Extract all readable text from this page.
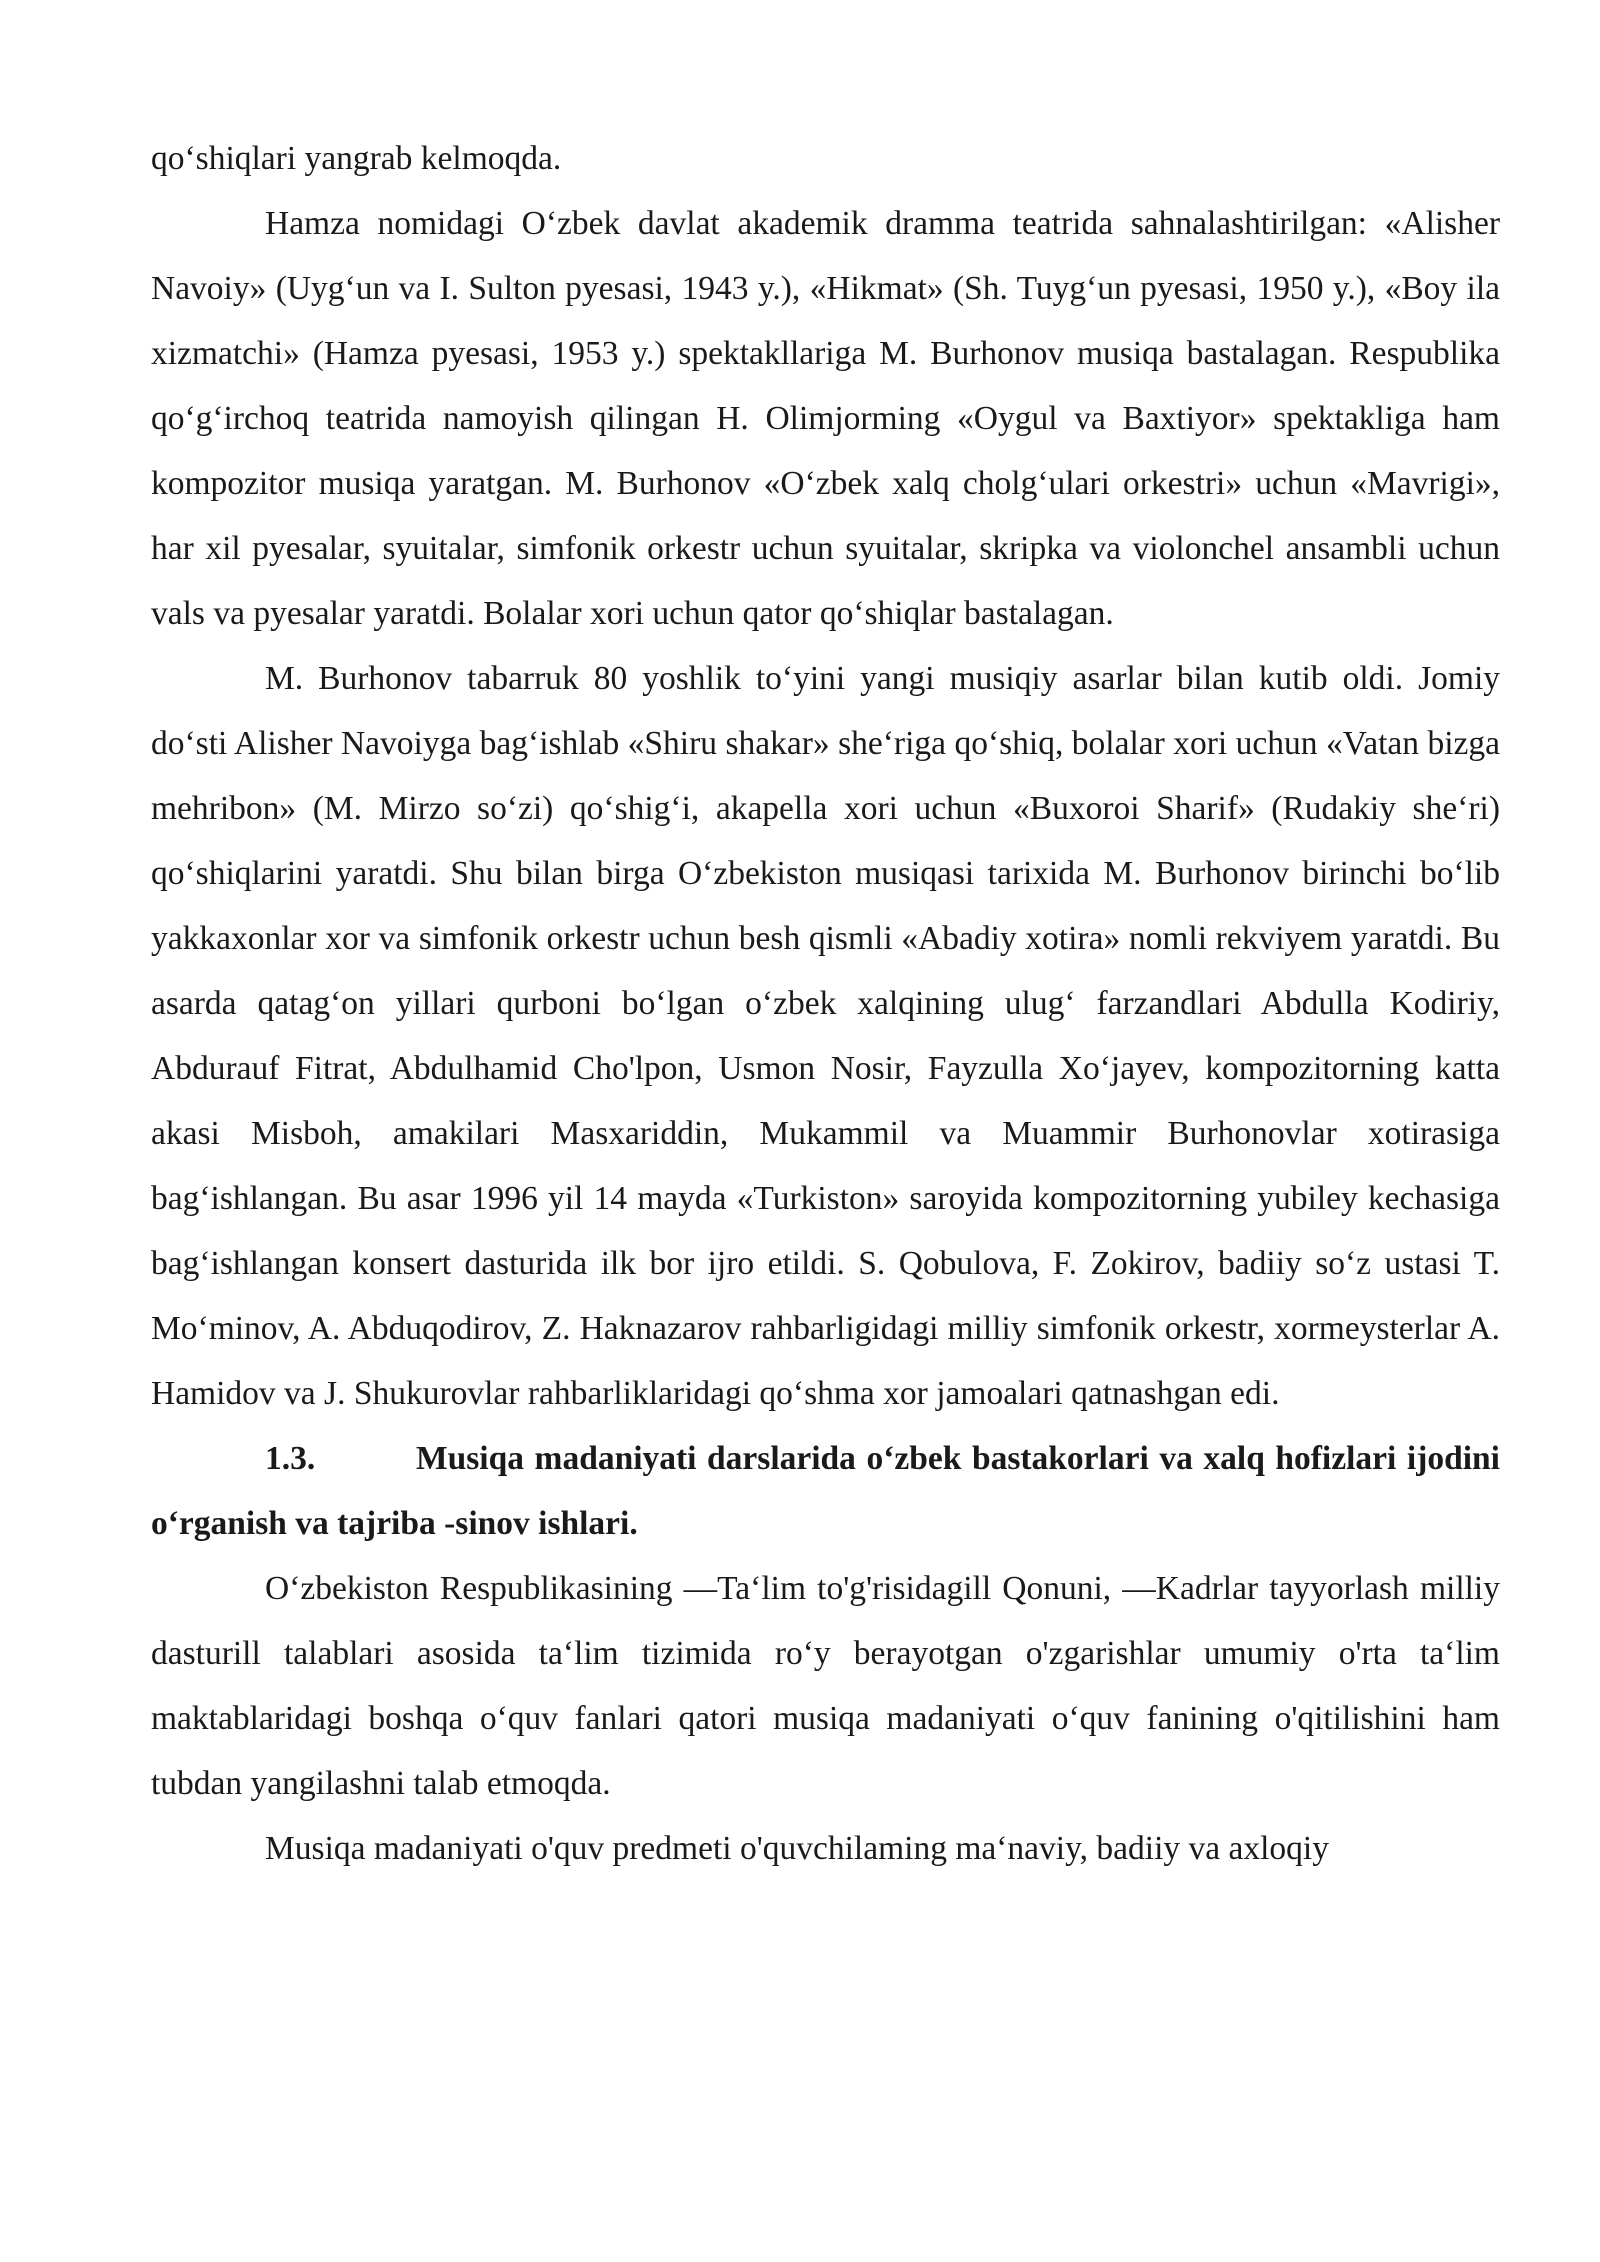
qo‘shiqlari yangrab kelmoqda.

Hamza nomidagi O‘zbek davlat akademik dramma teatrida sahnalashtirilgan: «Alisher Navoiy» (Uyg‘un va I. Sulton pyesasi, 1943 y.), «Hikmat» (Sh. Tuyg‘un pyesasi, 1950 y.), «Boy ila xizmatchi» (Hamza pyesasi, 1953 y.) spektakllariga M. Burhonov musiqa bastalagan. Respublika qo‘g‘irchoq teatrida namoyish qilingan H. Olimjorming «Oygul va Baxtiyor» spektakliga ham kompozitor musiqa yaratgan. M. Burhonov «O‘zbek xalq cholg‘ulari orkestri» uchun «Mavrigi», har xil pyesalar, syuitalar, simfonik orkestr uchun syuitalar, skripka va violonchel ansambli uchun vals va pyesalar yaratdi. Bolalar xori uchun qator qo‘shiqlar bastalagan.

M. Burhonov tabarruk 80 yoshlik to‘yini yangi musiqiy asarlar bilan kutib oldi. Jomiy do‘sti Alisher Navoiyga bag‘ishlab «Shiru shakar» she‘riga qo‘shiq, bolalar xori uchun «Vatan bizga mehribon» (M. Mirzo so‘zi) qo‘shig‘i, akapella xori uchun «Buxoroi Sharif» (Rudakiy she‘ri) qo‘shiqlarini yaratdi. Shu bilan birga O‘zbekiston musiqasi tarixida M. Burhonov birinchi bo‘lib yakkaxonlar xor va simfonik orkestr uchun besh qismli «Abadiy xotira» nomli rekviyem yaratdi. Bu asarda qatag‘on yillari qurboni bo‘lgan o‘zbek xalqining ulug‘ farzandlari Abdulla Kodiriy, Abdurauf Fitrat, Abdulhamid Cho'lpon, Usmon Nosir, Fayzulla Xo‘jayev, kompozitorning katta akasi Misboh, amakilari Masxariddin, Mukammil va Muammir Burhonovlar xotirasiga bag‘ishlangan. Bu asar 1996 yil 14 mayda «Turkiston» saroyida kompozitorning yubiley kechasiga bag‘ishlangan konsert dasturida ilk bor ijro etildi. S. Qobulova, F. Zokirov, badiiy so‘z ustasi T. Mo‘minov, A. Abduqodirov, Z. Haknazarov rahbarligidagi milliy simfonik orkestr, xormeysterlar A. Hamidov va J. Shukurovlar rahbarliklaridagi qo‘shma xor jamoalari qatnashgan edi.

1.3.	Musiqa madaniyati darslarida o‘zbek bastakorlari va xalq hofizlari ijodini o‘rganish va tajriba -sinov ishlari.

O‘zbekiston Respublikasining —Ta‘lim to'g'risidagill Qonuni, —Kadrlar tayyorlash milliy dasturill talablari asosida ta‘lim tizimida ro‘y berayotgan o'zgarishlar umumiy o'rta ta‘lim maktablaridagi boshqa o‘quv fanlari qatori musiqa madaniyati o‘quv fanining o'qitilishini ham tubdan yangilashni talab etmoqda.

Musiqa madaniyati o'quv predmeti o'quvchilaming ma‘naviy, badiiy va axloqiy
